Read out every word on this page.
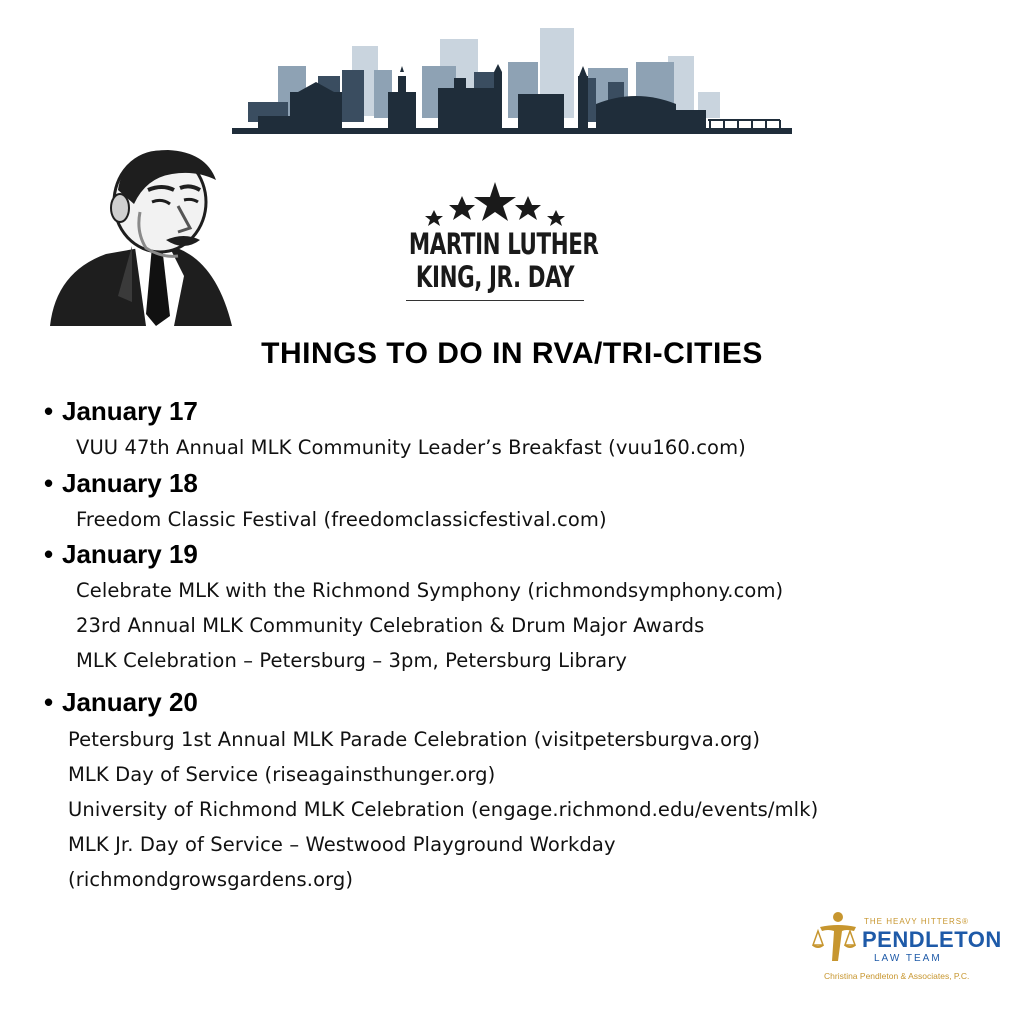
MARTIN LUTHER
KING, JR. DAY
THINGS TO DO IN RVA/TRI-CITIES
• January 17
VUU 47th Annual MLK Community Leader’s Breakfast (vuu160.com)
• January 18
Freedom Classic Festival (freedomclassicfestival.com)
• January 19
Celebrate MLK with the Richmond Symphony (richmondsymphony.com)
23rd Annual MLK Community Celebration & Drum Major Awards
MLK Celebration – Petersburg – 3pm, Petersburg Library
• January 20
Petersburg 1st Annual MLK Parade Celebration (visitpetersburgva.org)
MLK Day of Service (riseagainsthunger.org)
University of Richmond MLK Celebration (engage.richmond.edu/events/mlk)
MLK Jr. Day of Service – Westwood Playground Workday
(richmondgrowsgardens.org)
THE HEAVY HITTERS®
PENDLETON
LAW TEAM
Christina Pendleton & Associates, P.C.
